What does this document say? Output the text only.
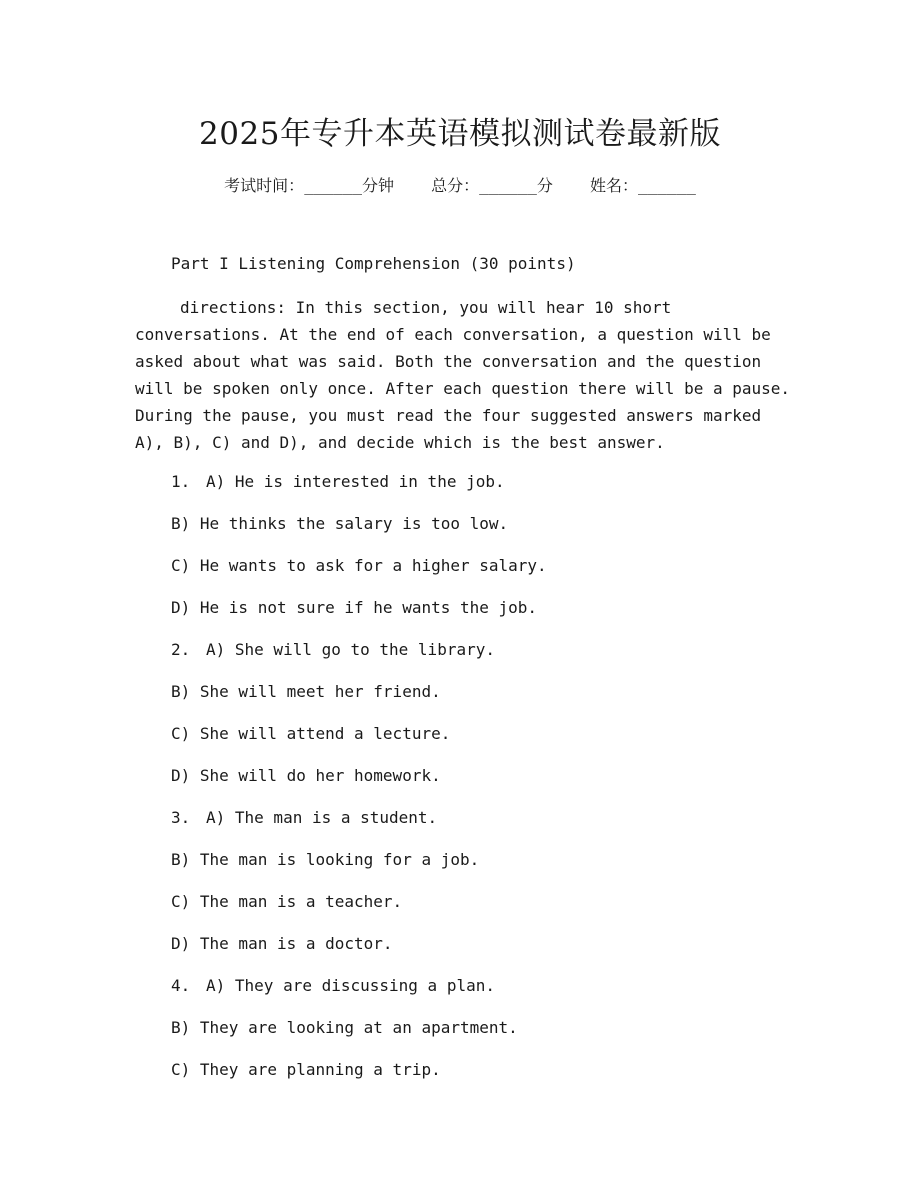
2025年专升本英语模拟测试卷最新版
考试时间：______分钟 总分：______分 姓名：______
Part I Listening Comprehension (30 points)
directions: In this section, you will hear 10 short conversations. At the end of each conversation, a question will be asked about what was said. Both the conversation and the question will be spoken only once. After each question there will be a pause. During the pause, you must read the four suggested answers marked A), B), C) and D), and decide which is the best answer.
1. A) He is interested in the job.
B) He thinks the salary is too low.
C) He wants to ask for a higher salary.
D) He is not sure if he wants the job.
2. A) She will go to the library.
B) She will meet her friend.
C) She will attend a lecture.
D) She will do her homework.
3. A) The man is a student.
B) The man is looking for a job.
C) The man is a teacher.
D) The man is a doctor.
4. A) They are discussing a plan.
B) They are looking at an apartment.
C) They are planning a trip.
